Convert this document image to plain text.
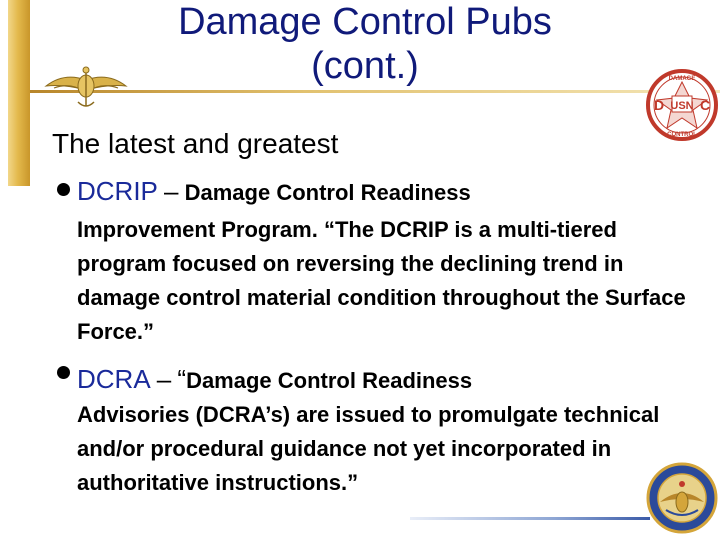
DAMAGE
USN
CONTROL
D	C
Damage Control Pubs
(cont.)
The latest and greatest
DCRIP – Damage Control Readiness
Improvement Program. “The DCRIP is a multi-tiered program focused on reversing the declining trend in damage control material condition throughout the Surface Force.”
DCRA – “Damage Control Readiness
Advisories (DCRA’s) are issued to promulgate technical and/or procedural guidance not yet incorporated in authoritative instructions.”
